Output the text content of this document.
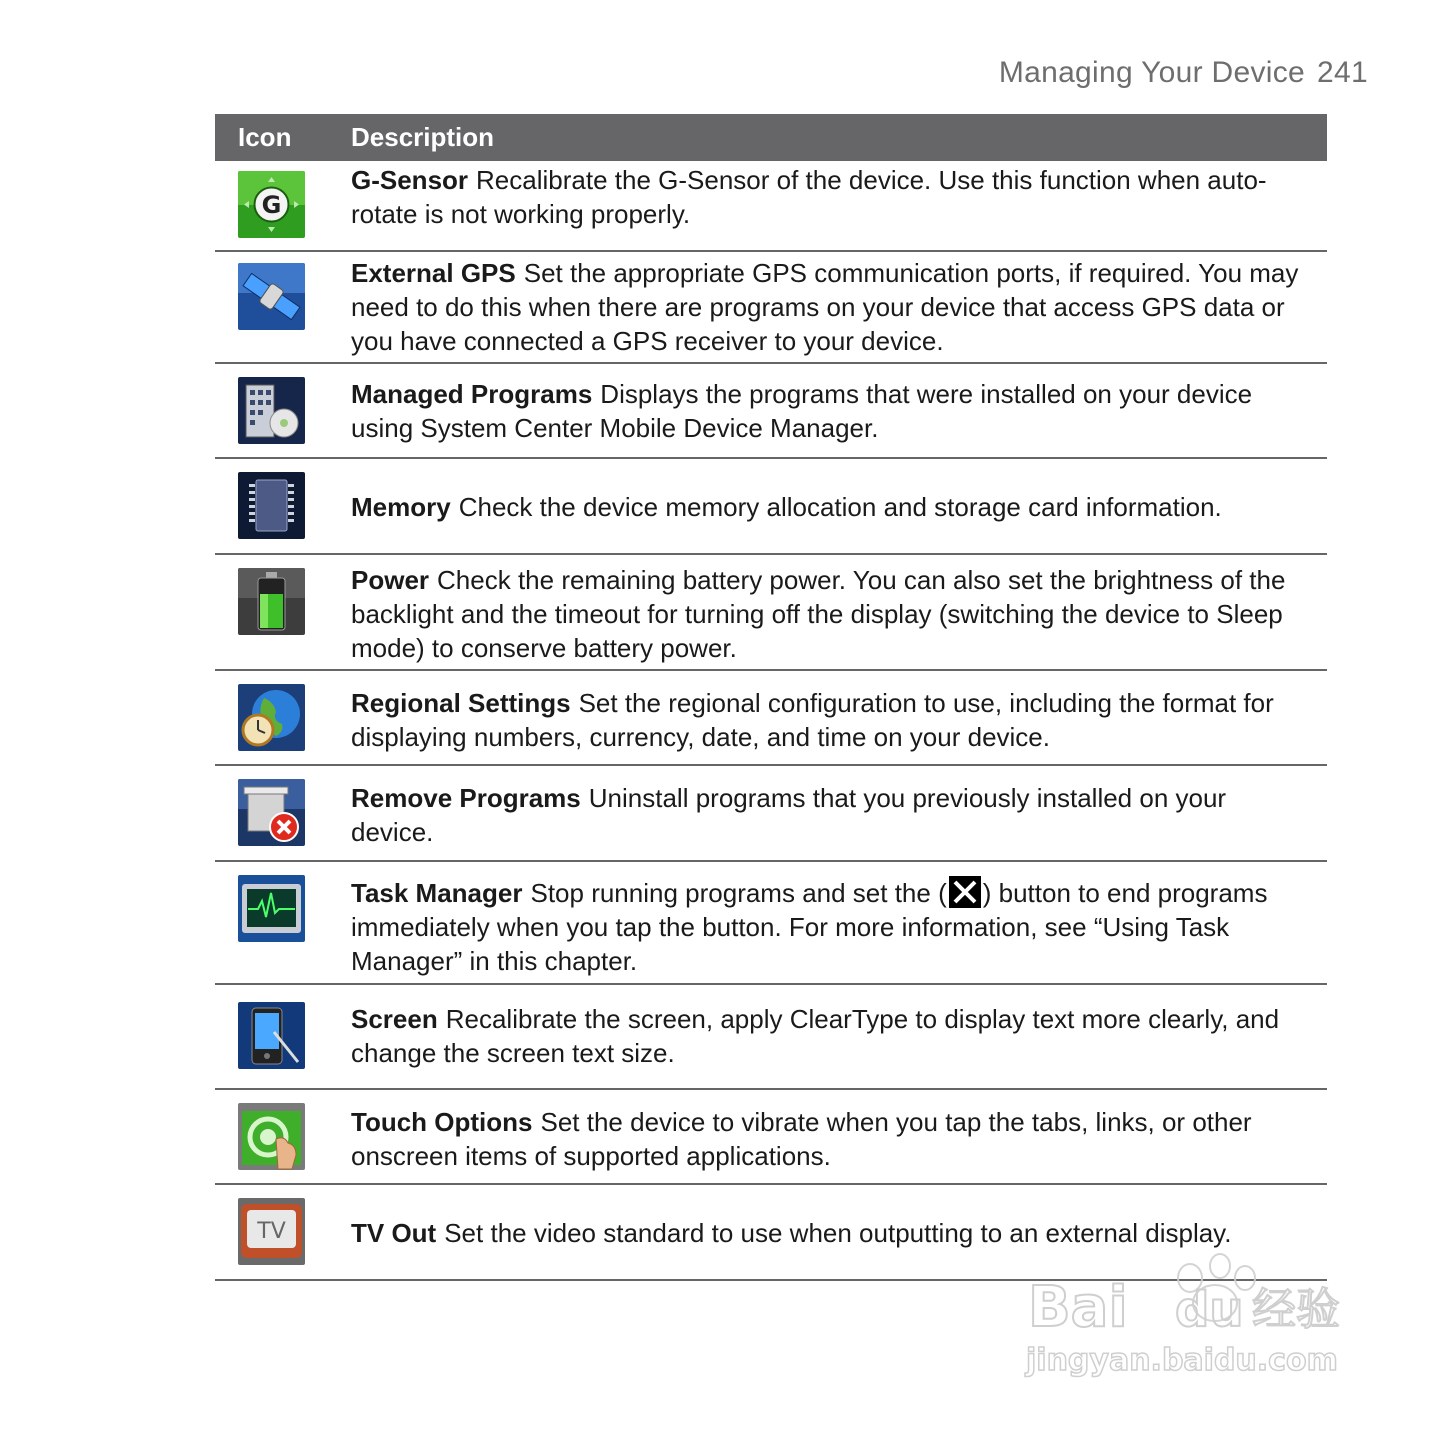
Managing Your Device 241
Icon Description
G
G-Sensor Recalibrate the G-Sensor of the device. Use this function when auto-rotate is not working properly.
External GPS Set the appropriate GPS communication ports, if required. You may need to do this when there are programs on your device that access GPS data or you have connected a GPS receiver to your device.
Managed Programs Displays the programs that were installed on your device using System Center Mobile Device Manager.
Memory Check the device memory allocation and storage card information.
Power Check the remaining battery power. You can also set the brightness of the backlight and the timeout for turning off the display (switching the device to Sleep mode) to conserve battery power.
Regional Settings Set the regional configuration to use, including the format for displaying numbers, currency, date, and time on your device.
Remove Programs Uninstall programs that you previously installed on your device.
Task Manager Stop running programs and set the ( ) button to end programs immediately when you tap the button. For more information, see “Using Task Manager” in this chapter.
Screen Recalibrate the screen, apply ClearType to display text more clearly, and change the screen text size.
Touch Options Set the device to vibrate when you tap the tabs, links, or other onscreen items of supported applications.
TV	TV Out Set the video standard to use when outputting to an external display.
Bai du 经验
jingyan.baidu.com
